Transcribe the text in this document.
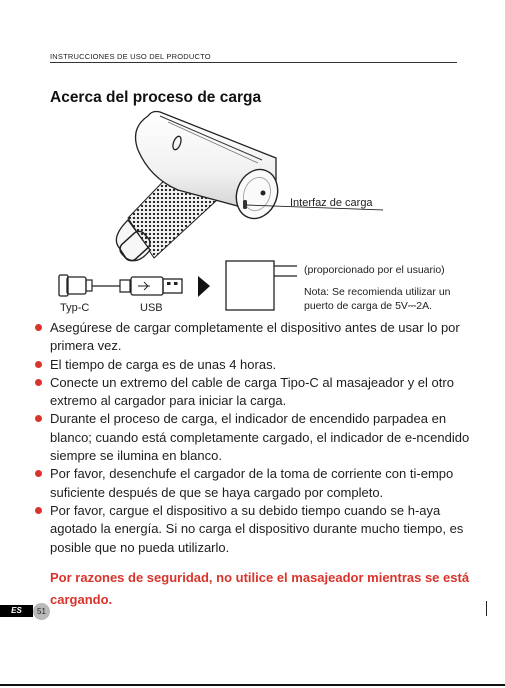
INSTRUCCIONES DE USO DEL PRODUCTO
Acerca del proceso de carga
Interfaz de carga
Typ-C	USB
(proporcionado por el usuario)
Nota: Se recomienda utilizar un
puerto de carga de 5V⎓2A.
Asegúrese de cargar completamente el dispositivo antes de usar lo por primera vez.
El tiempo de carga es de unas 4 horas.
Conecte un extremo del cable de carga Tipo-C al masajeador y el otro extremo al cargador para iniciar la carga.
Durante el proceso de carga, el indicador de encendido parpadea en blanco; cuando está completamente cargado, el indicador de e-ncendido siempre se ilumina en blanco.
Por favor, desenchufe el cargador de la toma de corriente con ti-empo suficiente después de que se haya cargado por completo.
Por favor, cargue el dispositivo a su debido tiempo cuando se h-aya agotado la energía. Si no carga el dispositivo durante mucho tiempo, es posible que no pueda utilizarlo.
Por razones de seguridad, no utilice el masajeador mientras se está cargando.
ES	51
